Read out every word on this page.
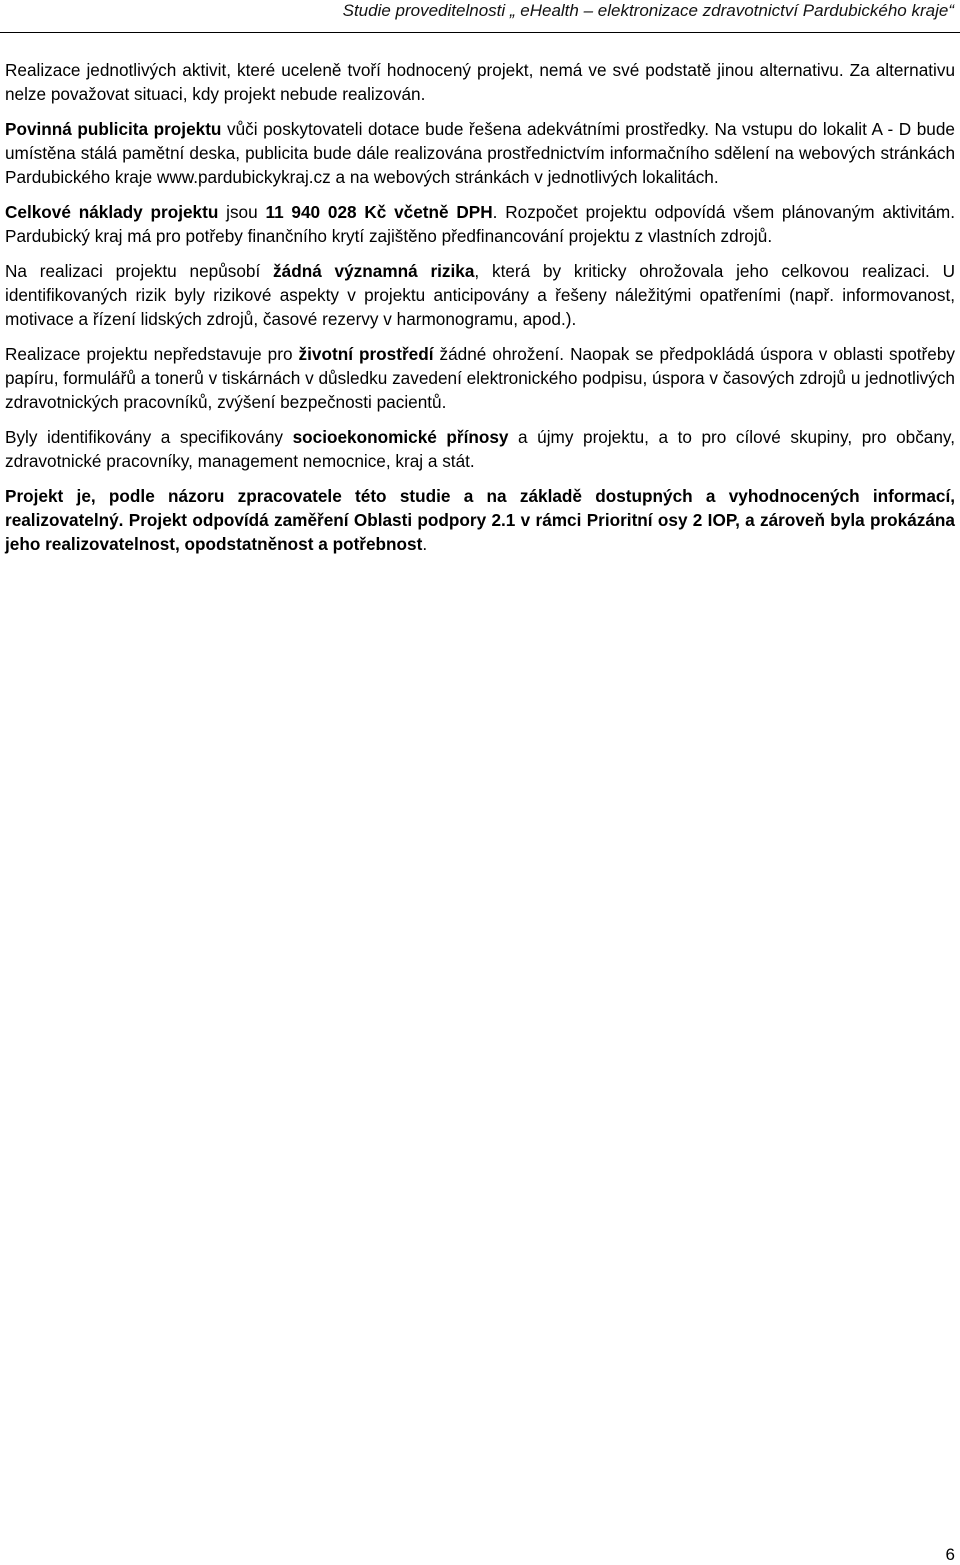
Studie proveditelnosti „ eHealth – elektronizace zdravotnictví Pardubického kraje“

Realizace jednotlivých aktivit, které uceleně tvoří hodnocený projekt, nemá ve své podstatě jinou alternativu. Za alternativu nelze považovat situaci, kdy projekt nebude realizován.

Povinná publicita projektu vůči poskytovateli dotace bude řešena adekvátními prostředky. Na vstupu do lokalit A - D bude umístěna stálá pamětní deska, publicita bude dále realizována prostřednictvím informačního sdělení na webových stránkách Pardubického kraje www.pardubickykraj.cz a na webových stránkách v jednotlivých lokalitách.

Celkové náklady projektu jsou 11 940 028 Kč včetně DPH. Rozpočet projektu odpovídá všem plánovaným aktivitám. Pardubický kraj má pro potřeby finančního krytí zajištěno předfinancování projektu z vlastních zdrojů.

Na realizaci projektu nepůsobí žádná významná rizika, která by kriticky ohrožovala jeho celkovou realizaci. U identifikovaných rizik byly rizikové aspekty v projektu anticipovány a řešeny náležitými opatřeními (např. informovanost, motivace a řízení lidských zdrojů, časové rezervy v harmonogramu, apod.).

Realizace projektu nepředstavuje pro životní prostředí žádné ohrožení. Naopak se předpokládá úspora v oblasti spotřeby papíru, formulářů a tonerů v tiskárnách v důsledku zavedení elektronického podpisu, úspora v časových zdrojů u jednotlivých zdravotnických pracovníků, zvýšení bezpečnosti pacientů.

Byly identifikovány a specifikovány socioekonomické přínosy a újmy projektu, a to pro cílové skupiny, pro občany, zdravotnické pracovníky, management nemocnice, kraj a stát.

Projekt je, podle názoru zpracovatele této studie a na základě dostupných a vyhodnocených informací, realizovatelný. Projekt odpovídá zaměření Oblasti podpory 2.1 v rámci Prioritní osy 2 IOP, a zároveň byla prokázána jeho realizovatelnost, opodstatněnost a potřebnost.

6
